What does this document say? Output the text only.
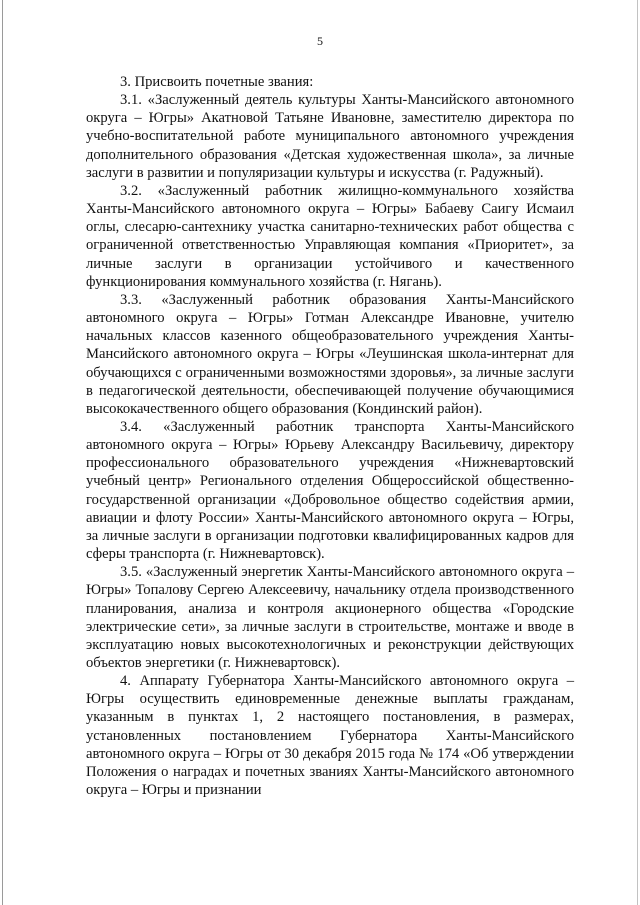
5

3. Присвоить почетные звания:

3.1. «Заслуженный деятель культуры Ханты-Мансийского автономного округа – Югры» Акатновой Татьяне Ивановне, заместителю директора по учебно-воспитательной работе муниципального автономного учреждения дополнительного образования «Детская художественная школа», за личные заслуги в развитии и популяризации культуры и искусства (г. Радужный).

3.2. «Заслуженный работник жилищно-коммунального хозяйства Ханты-Мансийского автономного округа – Югры» Бабаеву Саигу Исмаил оглы, слесарю-сантехнику участка санитарно-технических работ общества с ограниченной ответственностью Управляющая компания «Приоритет», за личные заслуги в организации устойчивого и качественного функционирования коммунального хозяйства (г. Нягань).

3.3. «Заслуженный работник образования Ханты-Мансийского автономного округа – Югры» Готман Александре Ивановне, учителю начальных классов казенного общеобразовательного учреждения Ханты-Мансийского автономного округа – Югры «Леушинская школа-интернат для обучающихся с ограниченными возможностями здоровья», за личные заслуги в педагогической деятельности, обеспечивающей получение обучающимися высококачественного общего образования (Кондинский район).

3.4. «Заслуженный работник транспорта Ханты-Мансийского автономного округа – Югры» Юрьеву Александру Васильевичу, директору профессионального образовательного учреждения «Нижневартовский учебный центр» Регионального отделения Общероссийской общественно-государственной организации «Добровольное общество содействия армии, авиации и флоту России» Ханты-Мансийского автономного округа – Югры, за личные заслуги в организации подготовки квалифицированных кадров для сферы транспорта (г. Нижневартовск).

3.5. «Заслуженный энергетик Ханты-Мансийского автономного округа – Югры» Топалову Сергею Алексеевичу, начальнику отдела производственного планирования, анализа и контроля акционерного общества «Городские электрические сети», за личные заслуги в строительстве, монтаже и вводе в эксплуатацию новых высокотехнологичных и реконструкции действующих объектов энергетики (г. Нижневартовск).

4. Аппарату Губернатора Ханты-Мансийского автономного округа – Югры осуществить единовременные денежные выплаты гражданам, указанным в пунктах 1, 2 настоящего постановления, в размерах, установленных постановлением Губернатора Ханты-Мансийского автономного округа – Югры от 30 декабря 2015 года № 174 «Об утверждении Положения о наградах и почетных званиях Ханты-Мансийского автономного округа – Югры и признании
